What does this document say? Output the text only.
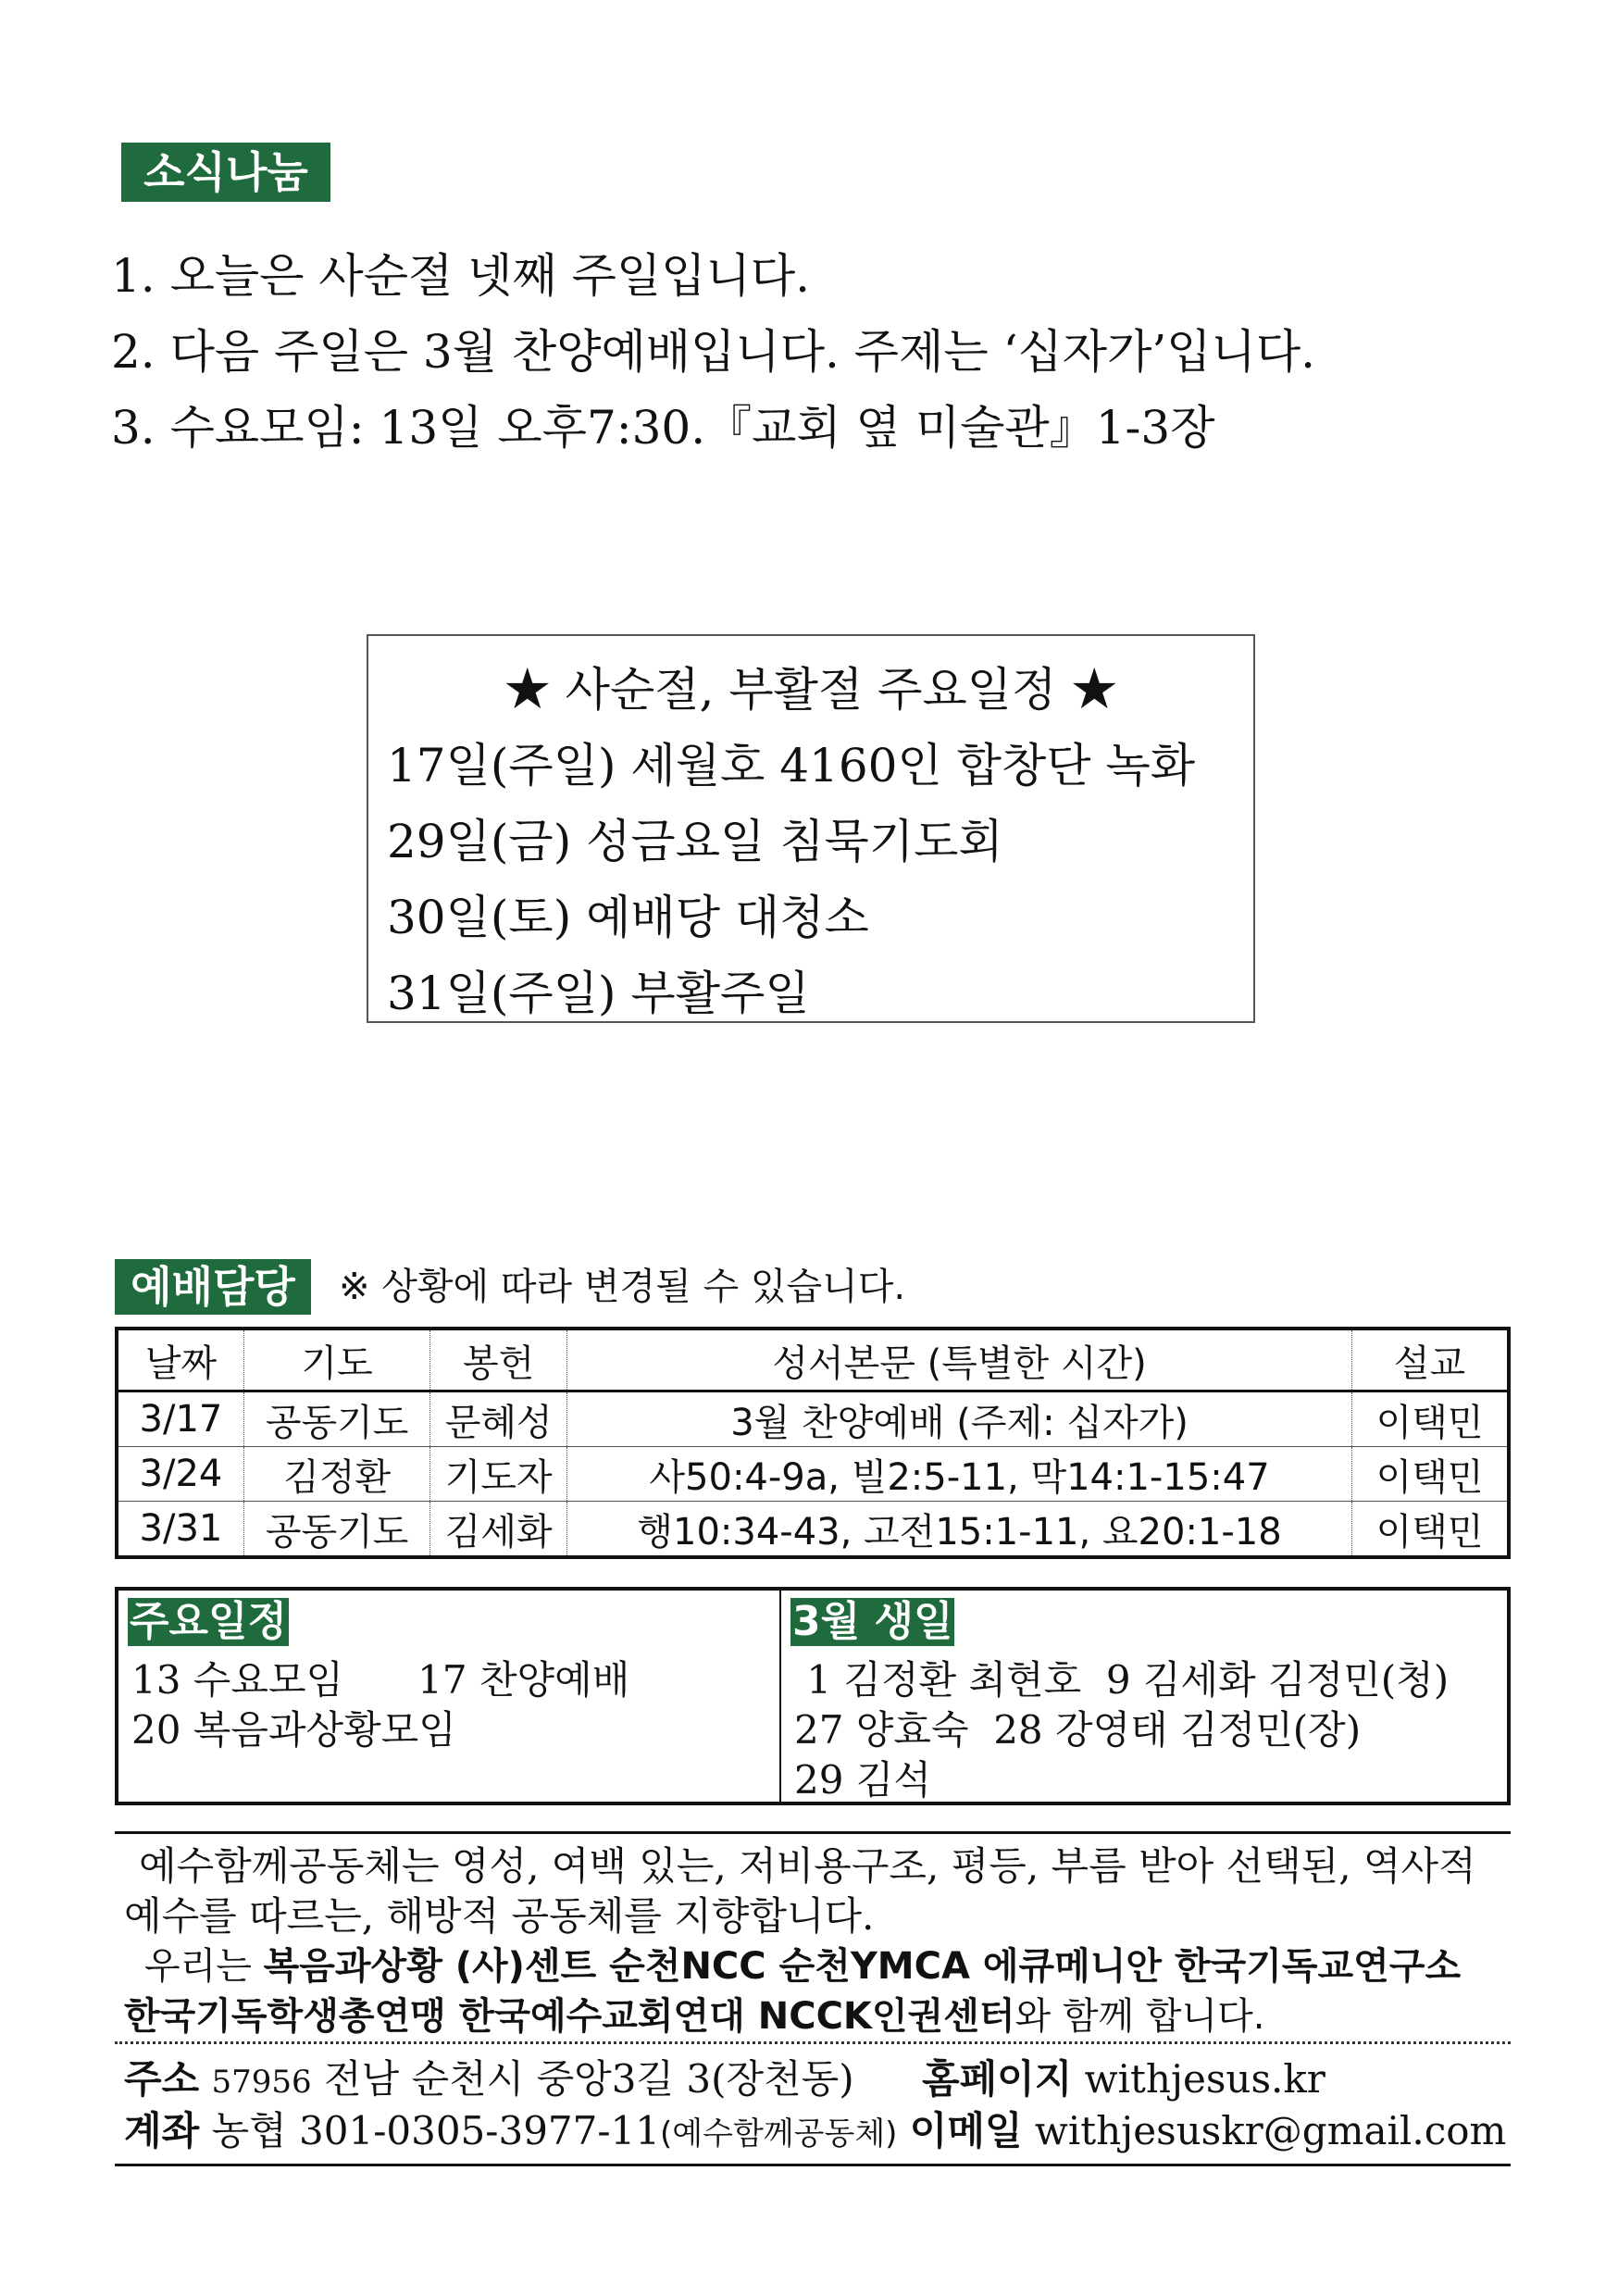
소식나눔
1. 오늘은 사순절 넷째 주일입니다.
2. 다음 주일은 3월 찬양예배입니다. 주제는 ‘십자가’입니다.
3. 수요모임: 13일 오후7:30.『교회 옆 미술관』1-3장
★ 사순절, 부활절 주요일정 ★
17일(주일) 세월호 4160인 합창단 녹화
29일(금) 성금요일 침묵기도회
30일(토) 예배당 대청소
31일(주일) 부활주일
예배담당	※ 상황에 따라 변경될 수 있습니다.
날짜	기도	봉헌	성서본문 (특별한 시간)	설교
3/17	공동기도	문혜성	3월 찬양예배 (주제: 십자가)	이택민
3/24	김정환	기도자	사50:4-9a, 빌2:5-11, 막14:1-15:47	이택민
3/31	공동기도	김세화	행10:34-43, 고전15:1-11, 요20:1-18	이택민
주요일정
13 수요모임      17 찬양예배
20 복음과상황모임
3월 생일
1 김정환 최현호  9 김세화 김정민(청)
27 양효숙  28 강영태 김정민(장)
29 김석
예수함께공동체는 영성, 여백 있는, 저비용구조, 평등, 부름 받아 선택된, 역사적
예수를 따르는, 해방적 공동체를 지향합니다.
우리는 복음과상황 (사)센트 순천NCC 순천YMCA 에큐메니안 한국기독교연구소
한국기독학생총연맹 한국예수교회연대 NCCK인권센터와 함께 합니다.
주소 57956 전남 순천시 중앙3길 3(장천동) 홈페이지 withjesus.kr
계좌 농협 301-0305-3977-11(예수함께공동체) 이메일 withjesuskr@gmail.com
